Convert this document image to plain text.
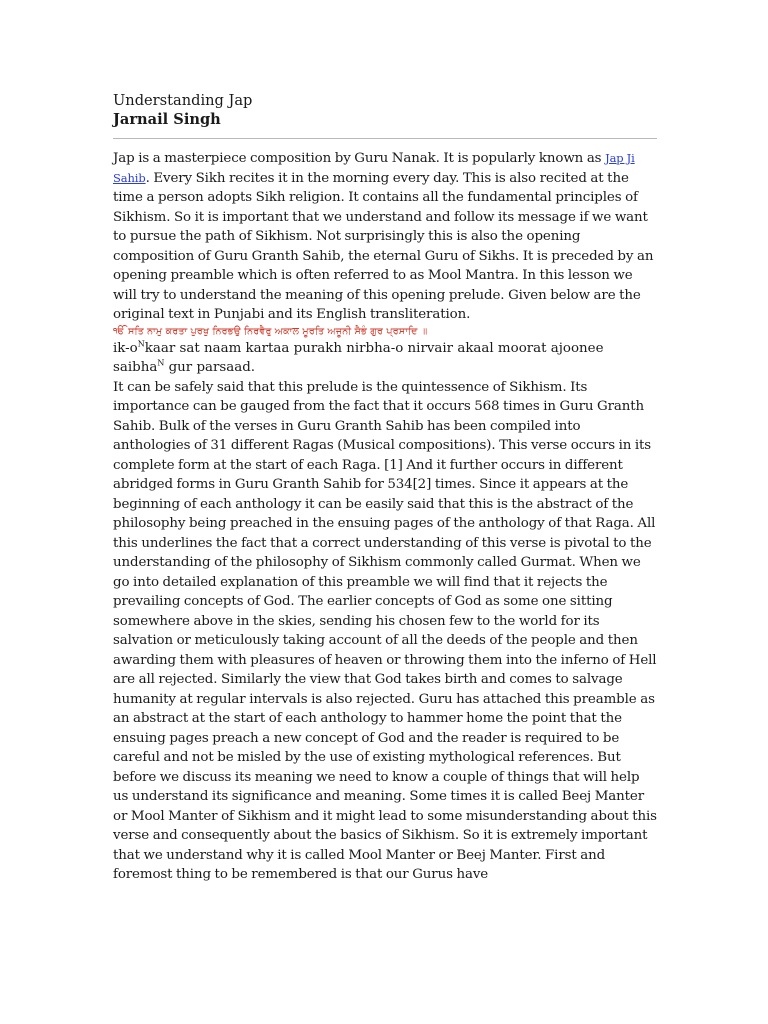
Understanding Jap

Jarnail Singh

Jap is a masterpiece composition by Guru Nanak. It is popularly known as Jap Ji Sahib. Every Sikh recites it in the morning every day. This is also recited at the time a person adopts Sikh religion. It contains all the fundamental principles of Sikhism. So it is important that we understand and follow its message if we want to pursue the path of Sikhism. Not surprisingly this is also the opening composition of Guru Granth Sahib, the eternal Guru of Sikhs. It is preceded by an opening preamble which is often referred to as Mool Mantra. In this lesson we will try to understand the meaning of this opening prelude. Given below are the original text in Punjabi and its English transliteration.

ੴ ਸਤਿ ਨਾਮੁ ਕਰਤਾ ਪੁਰਖੁ ਨਿਰਭਉ ਨਿਰਵੈਰੁ ਅਕਾਲ ਮੂਰਤਿ ਅਜੂਨੀ ਸੈਭੰ ਗੁਰ ਪ੍ਰਸਾਦਿ ॥

$ik-o^Nkaar$ sat naam kartaa purakh nirbha-o nirvair akaal moorat ajoonee saibha$^N$ gur parsaad.

It can be safely said that this prelude is the quintessence of Sikhism. Its importance can be gauged from the fact that it occurs 568 times in Guru Granth Sahib. Bulk of the verses in Guru Granth Sahib has been compiled into anthologies of 31 different Ragas (Musical compositions). This verse occurs in its complete form at the start of each Raga. [1] And it further occurs in different abridged forms in Guru Granth Sahib for 534[2] times. Since it appears at the beginning of each anthology it can be easily said that this is the abstract of the philosophy being preached in the ensuing pages of the anthology of that Raga. All this underlines the fact that a correct understanding of this verse is pivotal to the understanding of the philosophy of Sikhism commonly called Gurmat. When we go into detailed explanation of this preamble we will find that it rejects the prevailing concepts of God. The earlier concepts of God as some one sitting somewhere above in the skies, sending his chosen few to the world for its salvation or meticulously taking account of all the deeds of the people and then awarding them with pleasures of heaven or throwing them into the inferno of Hell are all rejected. Similarly the view that God takes birth and comes to salvage humanity at regular intervals is also rejected. Guru has attached this preamble as an abstract at the start of each anthology to hammer home the point that the ensuing pages preach a new concept of God and the reader is required to be careful and not be misled by the use of existing mythological references. But before we discuss its meaning we need to know a couple of things that will help us understand its significance and meaning. Some times it is called Beej Manter or Mool Manter of Sikhism and it might lead to some misunderstanding about this verse and consequently about the basics of Sikhism. So it is extremely important that we understand why it is called Mool Manter or Beej Manter. First and foremost thing to be remembered is that our Gurus have
